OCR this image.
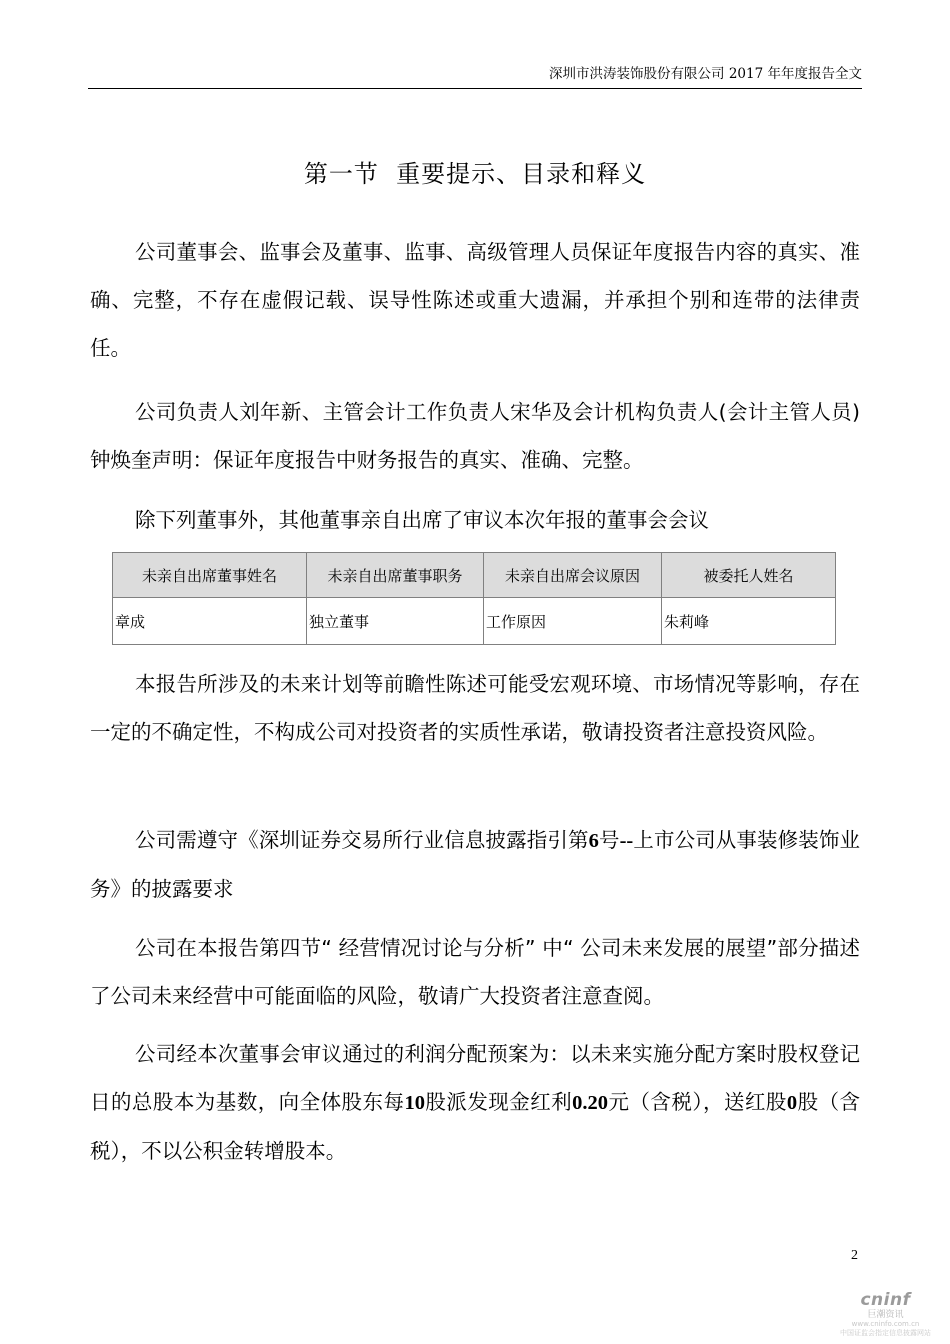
深圳市洪涛装饰股份有限公司 2017 年年度报告全文
第一节  重要提示、目录和释义

公司董事会、监事会及董事、监事、高级管理人员保证年度报告内容的真实、准确、完整，不存在虚假记载、误导性陈述或重大遗漏，并承担个别和连带的法律责任。

公司负责人刘年新、主管会计工作负责人宋华及会计机构负责人(会计主管人员)钟焕奎声明：保证年度报告中财务报告的真实、准确、完整。

除下列董事外，其他董事亲自出席了审议本次年报的董事会会议

未亲自出席董事姓名	未亲自出席董事职务	未亲自出席会议原因	被委托人姓名
章成	独立董事	工作原因	朱莉峰

本报告所涉及的未来计划等前瞻性陈述可能受宏观环境、市场情况等影响，存在一定的不确定性，不构成公司对投资者的实质性承诺，敬请投资者注意投资风险。

公司需遵守《深圳证券交易所行业信息披露指引第6号--上市公司从事装修装饰业务》的披露要求

公司在本报告第四节“ 经营情况讨论与分析” 中“ 公司未来发展的展望”部分描述了公司未来经营中可能面临的风险，敬请广大投资者注意查阅。

公司经本次董事会审议通过的利润分配预案为：以未来实施分配方案时股权登记日的总股本为基数，向全体股东每10股派发现金红利0.20元（含税），送红股0股（含税），不以公积金转增股本。

2
cninf
巨潮资讯
www.cninfo.com.cn
中国证监会指定信息披露网站
